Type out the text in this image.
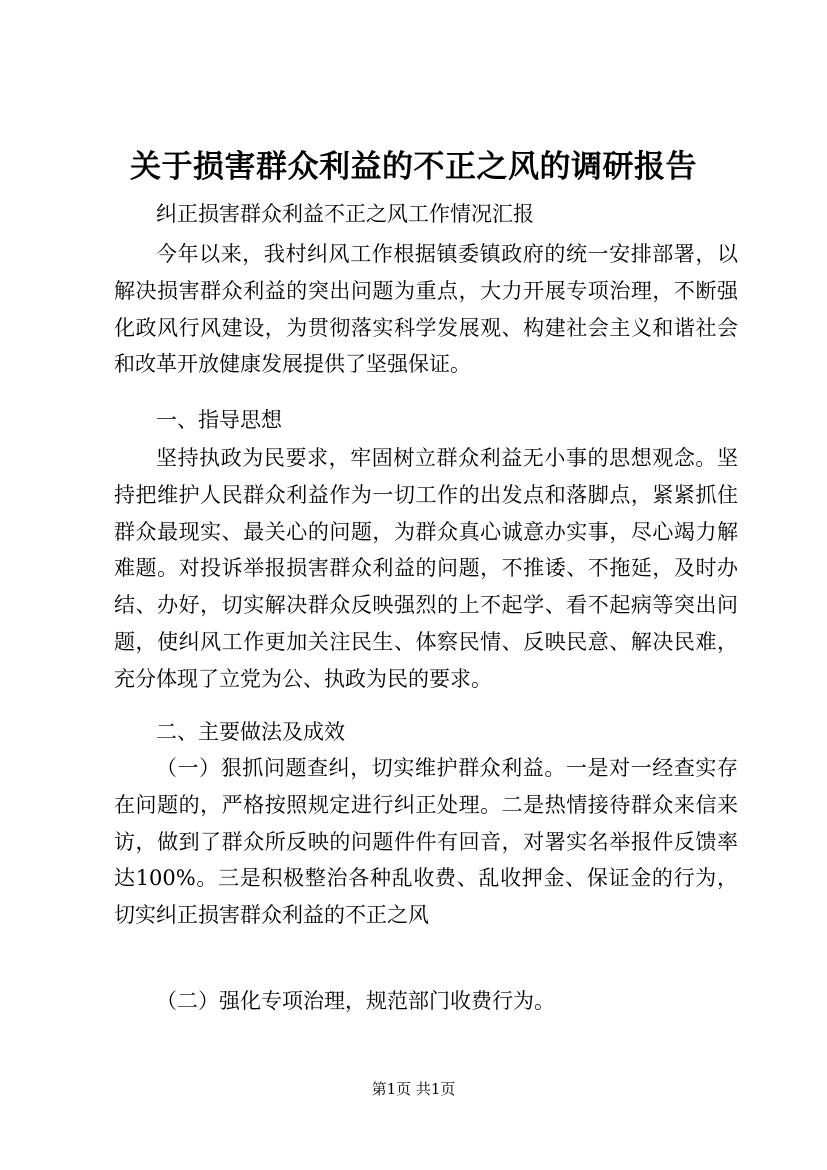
关于损害群众利益的不正之风的调研报告

纠正损害群众利益不正之风工作情况汇报

今年以来，我村纠风工作根据镇委镇政府的统一安排部署，以解决损害群众利益的突出问题为重点，大力开展专项治理，不断强化政风行风建设，为贯彻落实科学发展观、构建社会主义和谐社会和改革开放健康发展提供了坚强保证。

一、指导思想

坚持执政为民要求，牢固树立群众利益无小事的思想观念。坚持把维护人民群众利益作为一切工作的出发点和落脚点，紧紧抓住群众最现实、最关心的问题，为群众真心诚意办实事，尽心竭力解难题。对投诉举报损害群众利益的问题，不推诿、不拖延，及时办结、办好，切实解决群众反映强烈的上不起学、看不起病等突出问题，使纠风工作更加关注民生、体察民情、反映民意、解决民难，充分体现了立党为公、执政为民的要求。

二、主要做法及成效

（一）狠抓问题查纠，切实维护群众利益。一是对一经查实存在问题的，严格按照规定进行纠正处理。二是热情接待群众来信来访，做到了群众所反映的问题件件有回音，对署实名举报件反馈率达100%。三是积极整治各种乱收费、乱收押金、保证金的行为，切实纠正损害群众利益的不正之风

（二）强化专项治理，规范部门收费行为。

第1页 共1页
